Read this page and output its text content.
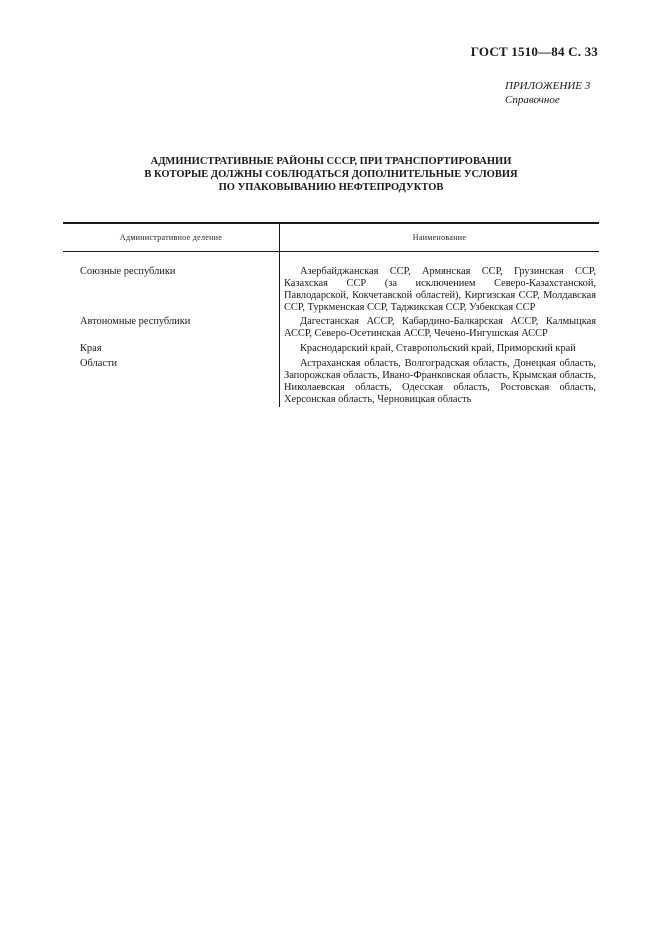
ГОСТ 1510—84 С. 33
ПРИЛОЖЕНИЕ 3
Справочное
АДМИНИСТРАТИВНЫЕ РАЙОНЫ СССР, ПРИ ТРАНСПОРТИРОВАНИИ
В КОТОРЫЕ ДОЛЖНЫ СОБЛЮДАТЬСЯ ДОПОЛНИТЕЛЬНЫЕ УСЛОВИЯ
ПО УПАКОВЫВАНИЮ НЕФТЕПРОДУКТОВ
Административное деление	Наименование
Союзные республики	Азербайджанская ССР, Армянская ССР, Грузинская ССР, Казахская ССР (за исключением Северо-Казахстанской, Павлодарской, Кокчетавской областей), Киргизская ССР, Молдавская ССР, Туркменская ССР, Таджикская ССР, Узбекская ССР
Автономные республики	Дагестанская АССР, Кабардино-Балкарская АССР, Калмыцкая АССР, Северо-Осетинская АССР, Чечено-Ингушская АССР
Края	Краснодарский край, Ставропольский край, Приморский край
Области	Астраханская область, Волгоградская область, Донецкая область, Запорожская область, Ивано-Франковская область, Крымская область, Николаевская область, Одесская область, Ростовская область, Херсонская область, Черновицкая область
